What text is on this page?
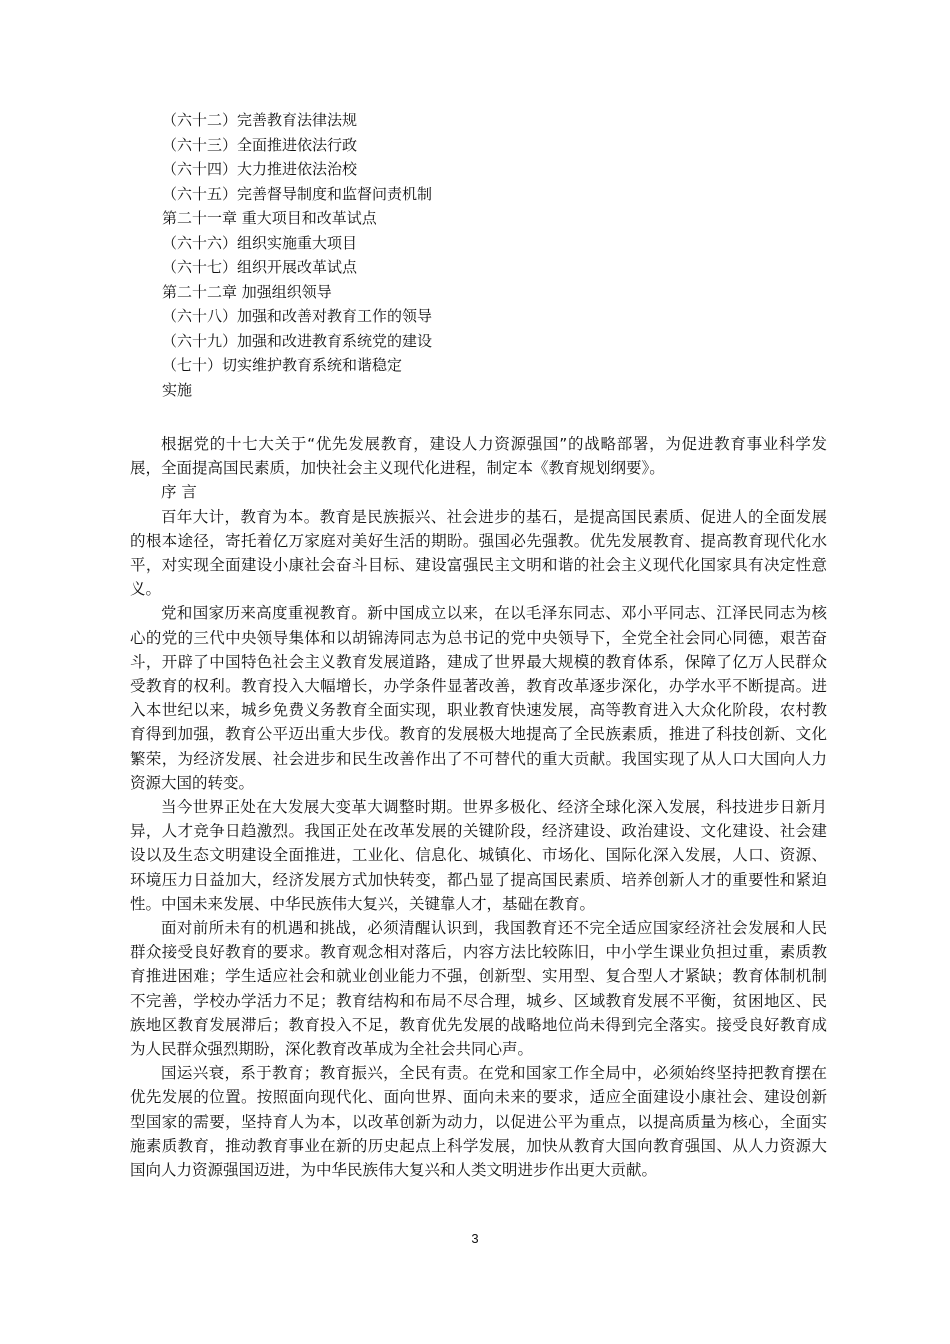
（六十二）完善教育法律法规
（六十三）全面推进依法行政
（六十四）大力推进依法治校
（六十五）完善督导制度和监督问责机制
第二十一章 重大项目和改革试点
（六十六）组织实施重大项目
（六十七）组织开展改革试点
第二十二章 加强组织领导
（六十八）加强和改善对教育工作的领导
（六十九）加强和改进教育系统党的建设
（七十）切实维护教育系统和谐稳定
实施

根据党的十七大关于“优先发展教育，建设人力资源强国”的战略部署，为促进教育事业科学发展，全面提高国民素质，加快社会主义现代化进程，制定本《教育规划纲要》。

序 言

百年大计，教育为本。教育是民族振兴、社会进步的基石，是提高国民素质、促进人的全面发展的根本途径，寄托着亿万家庭对美好生活的期盼。强国必先强教。优先发展教育、提高教育现代化水平，对实现全面建设小康社会奋斗目标、建设富强民主文明和谐的社会主义现代化国家具有决定性意义。

党和国家历来高度重视教育。新中国成立以来，在以毛泽东同志、邓小平同志、江泽民同志为核心的党的三代中央领导集体和以胡锦涛同志为总书记的党中央领导下，全党全社会同心同德，艰苦奋斗，开辟了中国特色社会主义教育发展道路，建成了世界最大规模的教育体系，保障了亿万人民群众受教育的权利。教育投入大幅增长，办学条件显著改善，教育改革逐步深化，办学水平不断提高。进入本世纪以来，城乡免费义务教育全面实现，职业教育快速发展，高等教育进入大众化阶段，农村教育得到加强，教育公平迈出重大步伐。教育的发展极大地提高了全民族素质，推进了科技创新、文化繁荣，为经济发展、社会进步和民生改善作出了不可替代的重大贡献。我国实现了从人口大国向人力资源大国的转变。

当今世界正处在大发展大变革大调整时期。世界多极化、经济全球化深入发展，科技进步日新月异，人才竞争日趋激烈。我国正处在改革发展的关键阶段，经济建设、政治建设、文化建设、社会建设以及生态文明建设全面推进，工业化、信息化、城镇化、市场化、国际化深入发展，人口、资源、环境压力日益加大，经济发展方式加快转变，都凸显了提高国民素质、培养创新人才的重要性和紧迫性。中国未来发展、中华民族伟大复兴，关键靠人才，基础在教育。

面对前所未有的机遇和挑战，必须清醒认识到，我国教育还不完全适应国家经济社会发展和人民群众接受良好教育的要求。教育观念相对落后，内容方法比较陈旧，中小学生课业负担过重，素质教育推进困难；学生适应社会和就业创业能力不强，创新型、实用型、复合型人才紧缺；教育体制机制不完善，学校办学活力不足；教育结构和布局不尽合理，城乡、区域教育发展不平衡，贫困地区、民族地区教育发展滞后；教育投入不足，教育优先发展的战略地位尚未得到完全落实。接受良好教育成为人民群众强烈期盼，深化教育改革成为全社会共同心声。

国运兴衰，系于教育；教育振兴，全民有责。在党和国家工作全局中，必须始终坚持把教育摆在优先发展的位置。按照面向现代化、面向世界、面向未来的要求，适应全面建设小康社会、建设创新型国家的需要，坚持育人为本，以改革创新为动力，以促进公平为重点，以提高质量为核心，全面实施素质教育，推动教育事业在新的历史起点上科学发展，加快从教育大国向教育强国、从人力资源大国向人力资源强国迈进，为中华民族伟大复兴和人类文明进步作出更大贡献。

3
